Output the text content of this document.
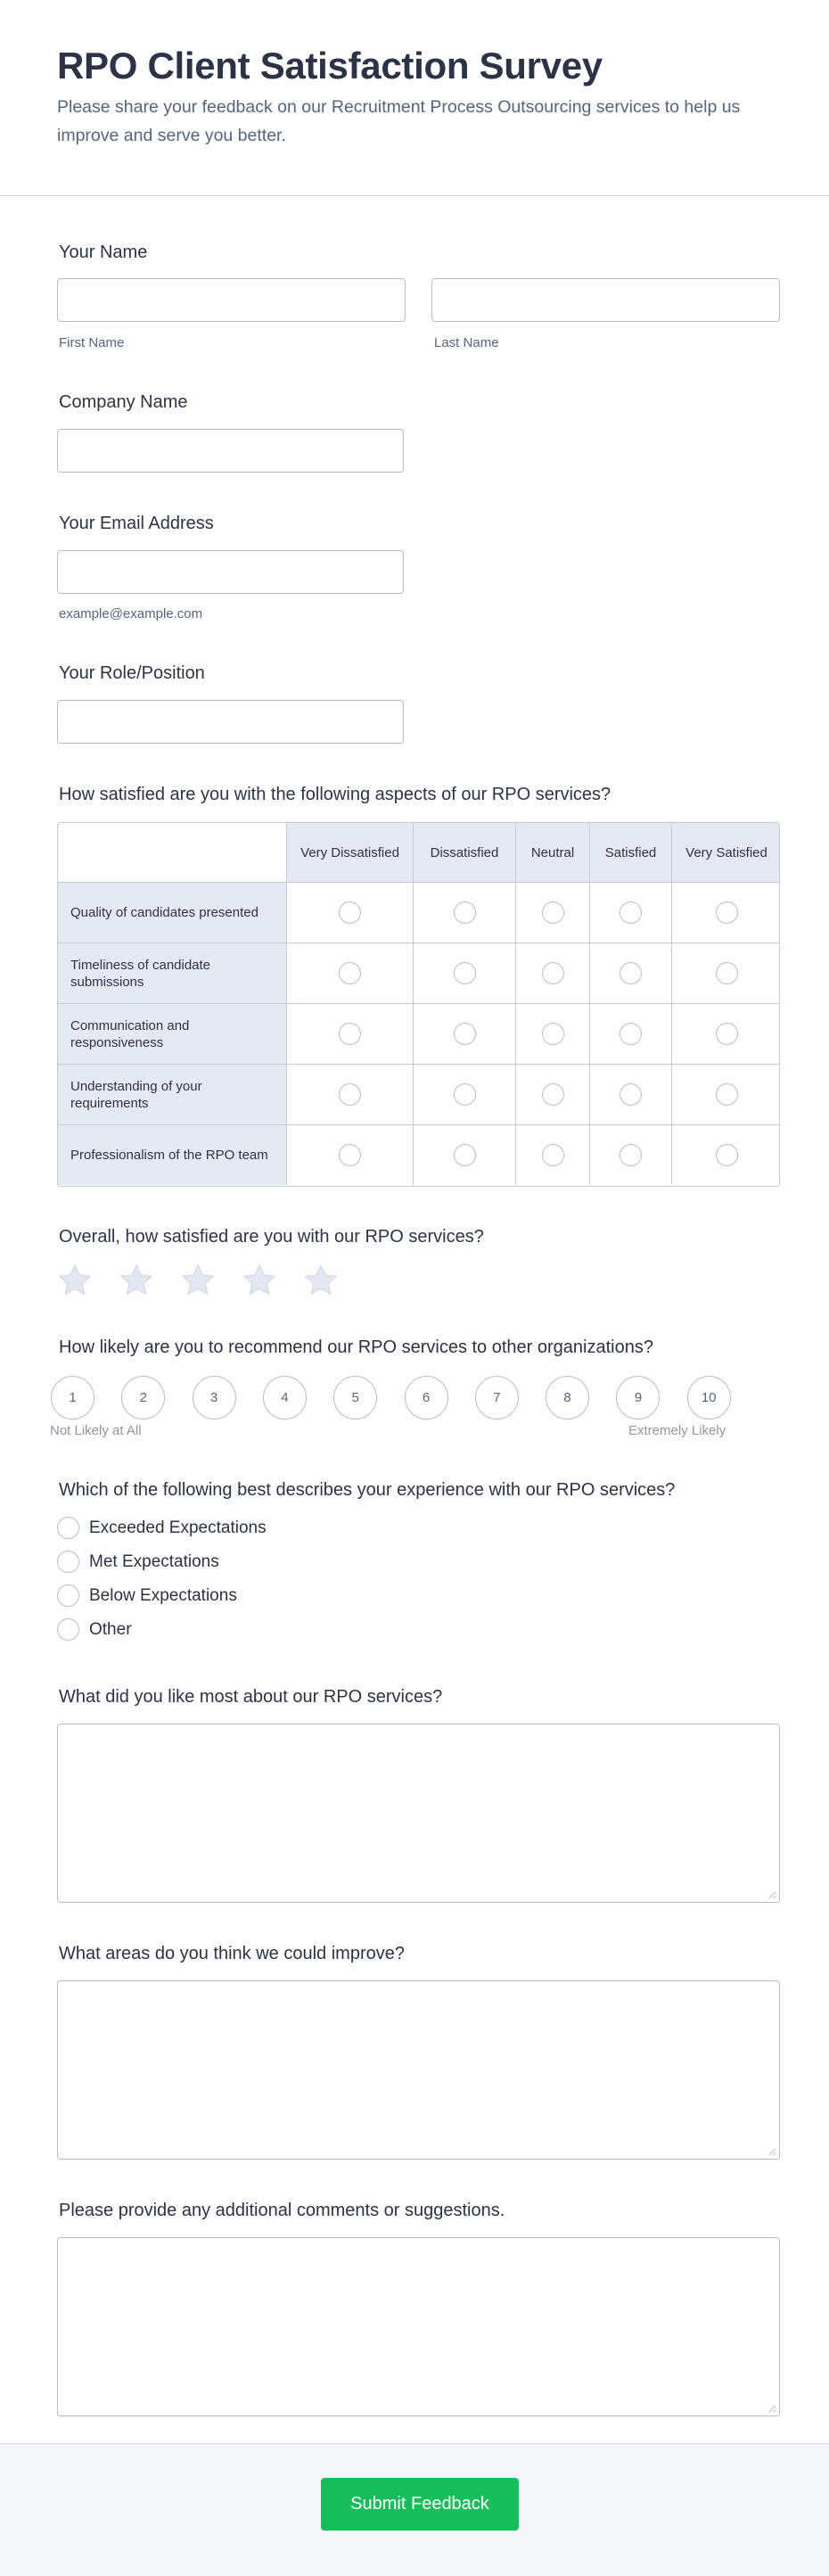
RPO Client Satisfaction Survey
Please share your feedback on our Recruitment Process Outsourcing services to help us improve and serve you better.
Your Name
First Name	Last Name
Company Name
Your Email Address
example@example.com
Your Role/Position
How satisfied are you with the following aspects of our RPO services?
Very Dissatisfied	Dissatisfied	Neutral	Satisfied	Very Satisfied
Quality of candidates presented
Timeliness of candidate submissions
Communication and responsiveness
Understanding of your requirements
Professionalism of the RPO team
Overall, how satisfied are you with our RPO services?
How likely are you to recommend our RPO services to other organizations?
1	2	3	4	5	6	7	8	9	10
Not Likely at All	Extremely Likely
Which of the following best describes your experience with our RPO services?
Exceeded Expectations
Met Expectations
Below Expectations
Other
What did you like most about our RPO services?
What areas do you think we could improve?
Please provide any additional comments or suggestions.
Submit Feedback
